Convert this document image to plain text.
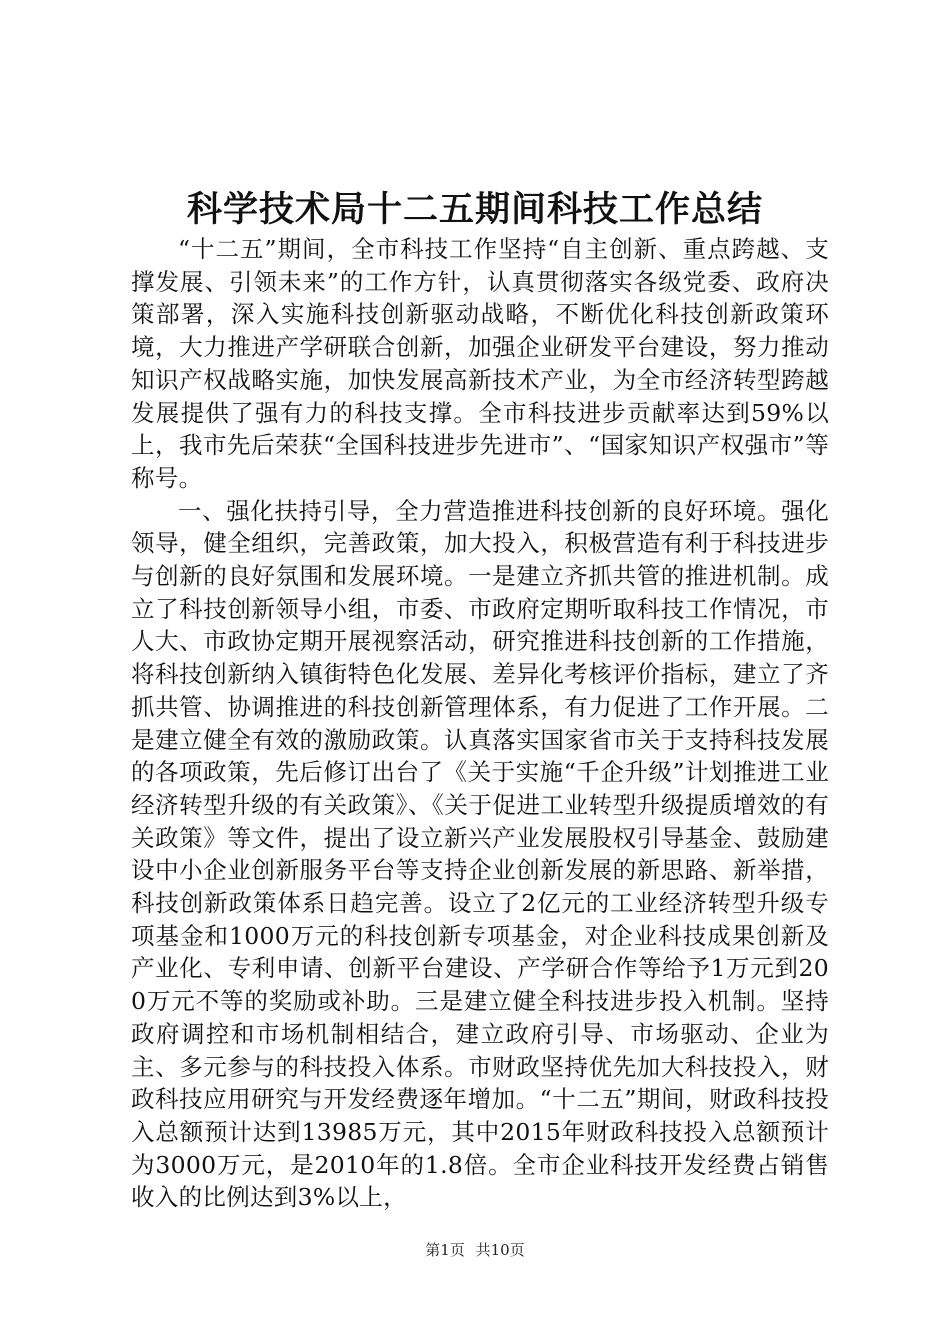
科学技术局十二五期间科技工作总结

“十二五”期间，全市科技工作坚持“自主创新、重点跨越、支撑发展、引领未来”的工作方针，认真贯彻落实各级党委、政府决策部署，深入实施科技创新驱动战略，不断优化科技创新政策环境，大力推进产学研联合创新，加强企业研发平台建设，努力推动知识产权战略实施，加快发展高新技术产业，为全市经济转型跨越发展提供了强有力的科技支撑。全市科技进步贡献率达到59%以上，我市先后荣获“全国科技进步先进市”、“国家知识产权强市”等称号。

一、强化扶持引导，全力营造推进科技创新的良好环境。强化领导，健全组织，完善政策，加大投入，积极营造有利于科技进步与创新的良好氛围和发展环境。一是建立齐抓共管的推进机制。成立了科技创新领导小组，市委、市政府定期听取科技工作情况，市人大、市政协定期开展视察活动，研究推进科技创新的工作措施，将科技创新纳入镇街特色化发展、差异化考核评价指标，建立了齐抓共管、协调推进的科技创新管理体系，有力促进了工作开展。二是建立健全有效的激励政策。认真落实国家省市关于支持科技发展的各项政策，先后修订出台了《关于实施“千企升级”计划推进工业经济转型升级的有关政策》、《关于促进工业转型升级提质增效的有关政策》等文件，提出了设立新兴产业发展股权引导基金、鼓励建设中小企业创新服务平台等支持企业创新发展的新思路、新举措，科技创新政策体系日趋完善。设立了2亿元的工业经济转型升级专项基金和1000万元的科技创新专项基金，对企业科技成果创新及产业化、专利申请、创新平台建设、产学研合作等给予1万元到200万元不等的奖励或补助。三是建立健全科技进步投入机制。坚持政府调控和市场机制相结合，建立政府引导、市场驱动、企业为主、多元参与的科技投入体系。市财政坚持优先加大科技投入，财政科技应用研究与开发经费逐年增加。“十二五”期间，财政科技投入总额预计达到13985万元，其中2015年财政科技投入总额预计为3000万元，是2010年的1.8倍。全市企业科技开发经费占销售收入的比例达到3%以上，

第1页 共10页
